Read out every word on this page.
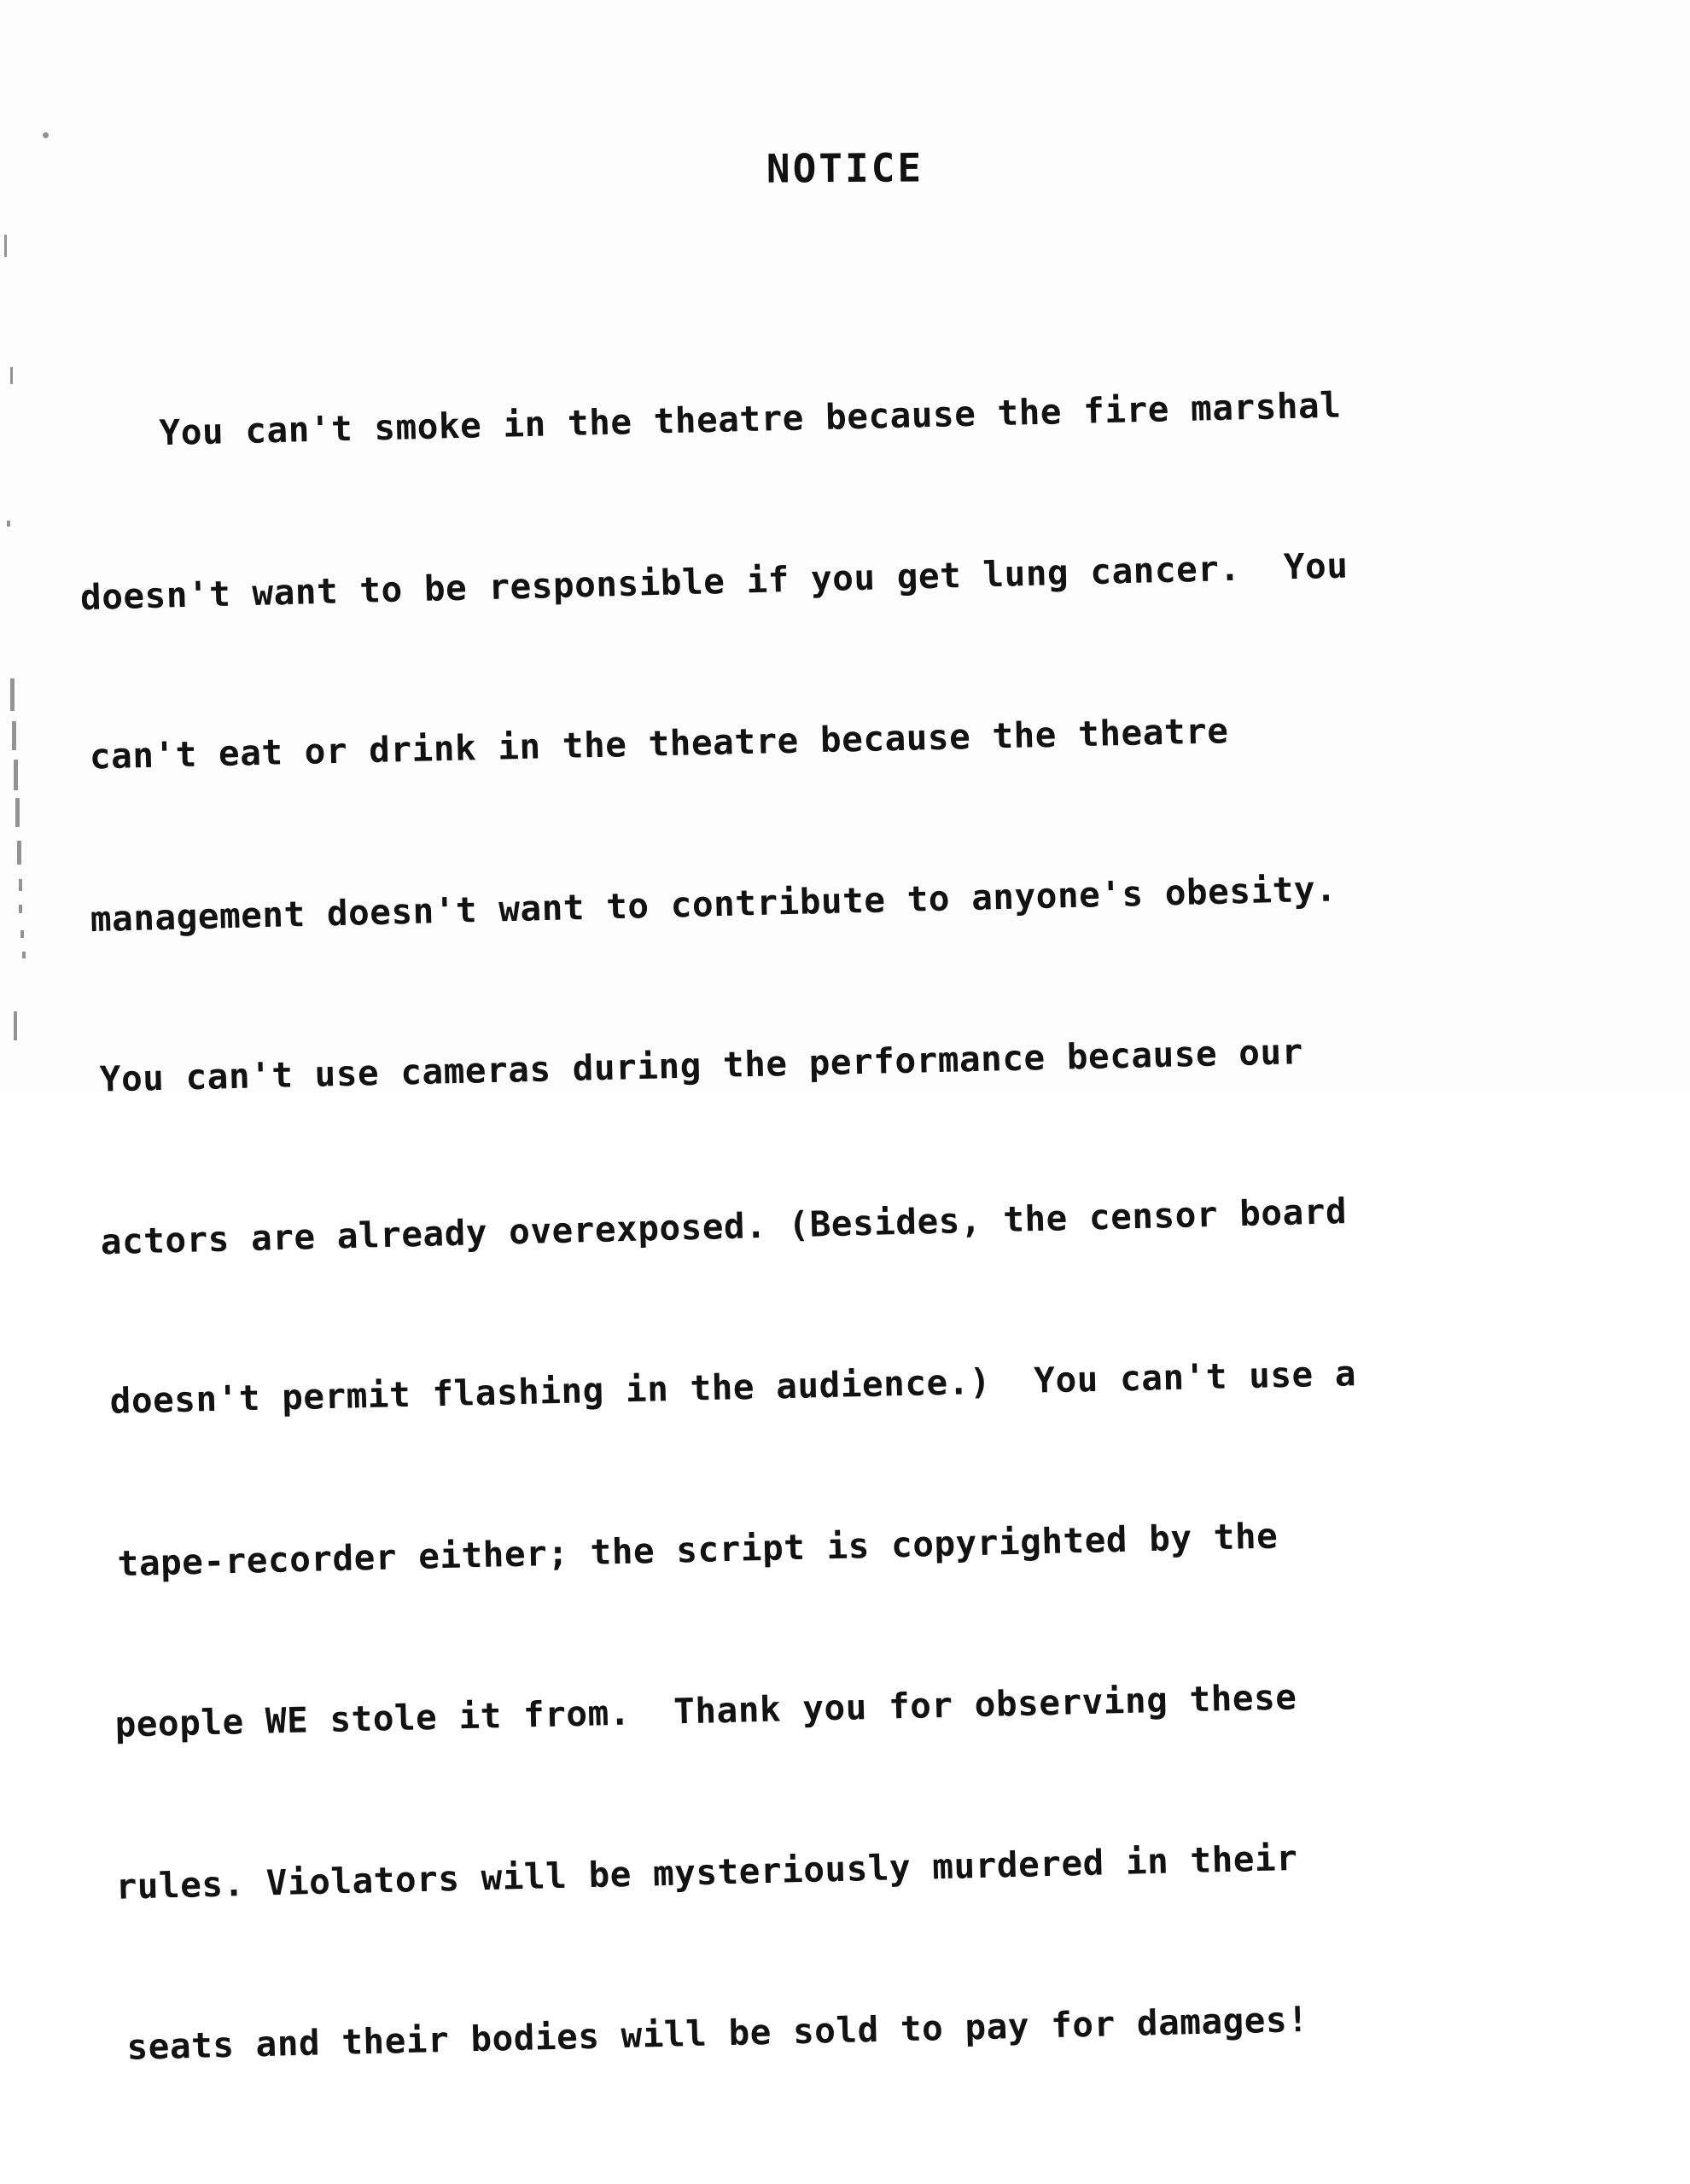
NOTICE

You can't smoke in the theatre because the fire marshal

doesn't want to be responsible if you get lung cancer.  You

can't eat or drink in the theatre because the theatre

management doesn't want to contribute to anyone's obesity.

You can't use cameras during the performance because our

actors are already overexposed. (Besides, the censor board

doesn't permit flashing in the audience.)  You can't use a

tape-recorder either; the script is copyrighted by the

people WE stole it from.  Thank you for observing these

rules. Violators will be mysteriously murdered in their

seats and their bodies will be sold to pay for damages!
